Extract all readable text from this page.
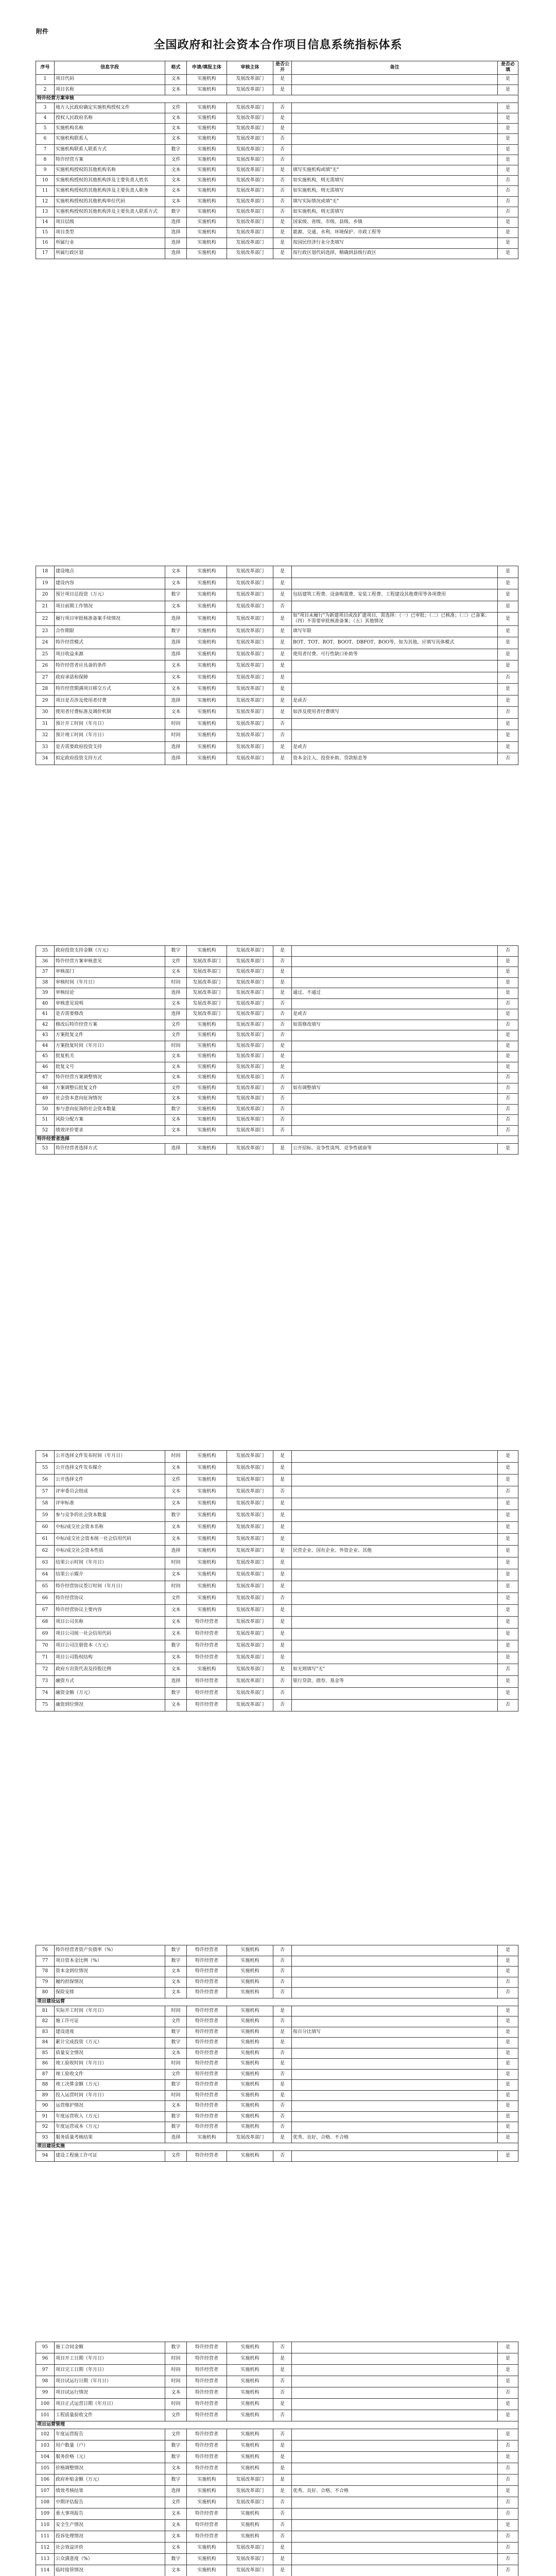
附件
全国政府和社会资本合作项目信息系统指标体系
序号	信息字段	格式	申请/填报主体	审核主体	是否公开	备注	是否必填
1	项目代码	文本	实施机构	发展改革部门	是		是
2	项目名称	文本	实施机构	发展改革部门	是		是
特许经营方案审核							
3	地方人民政府确定实施机构授权文件	文件	实施机构	发展改革部门	否		是
4	授权人民政府名称	文本	实施机构	发展改革部门	是		是
5	实施机构名称	文本	实施机构	发展改革部门	是		是
6	实施机构联系人	文本	实施机构	发展改革部门	否		是
7	实施机构联系人联系方式	数字	实施机构	发展改革部门	否		是
8	特许经营方案	文件	实施机构	发展改革部门	否		是
9	实施机构授权的其他机构名称	文本	实施机构	发展改革部门	是	填写实施机构或填"无"	是
10	实施机构授权的其他机构涉及主要负责人姓名	文本	实施机构	发展改革部门	否	如实施机构，则无需填写	否
11	实施机构授权的其他机构涉及主要负责人职务	文本	实施机构	发展改革部门	否	如实施机构，则无需填写	否
12	实施机构授权的其他机构单位代码	文本	实施机构	发展改革部门	否	填写实际情况或填"无"	否
13	实施机构授权的其他机构涉及主要负责人联系方式	数字	实施机构	发展改革部门	否	如实施机构，则无需填写	否
14	项目层级	选择	实施机构	发展改革部门	是	国家级、省级、市级、县级、乡镇	是
15	项目类型	选择	实施机构	发展改革部门	是	能源、交通、水利、环境保护、市政工程等	是
16	所属行业	选择	实施机构	发展改革部门	是	按国民经济行业分类填写	是
17	所属行政区划	选择	实施机构	发展改革部门	是	按行政区划代码选择，精确到县级行政区	是
18	建设地点	文本	实施机构	发展改革部门	是		是
19	建设内容	文本	实施机构	发展改革部门	是		是
20	预计项目总投资（万元）	数字	实施机构	发展改革部门	是	包括建筑工程费、设备购置费、安装工程费、工程建设其他费用等各项费用	是
21	项目前期工作情况	文本	实施机构	发展改革部门	否		是
22	履行项目审批核准备案手续情况	选择	实施机构	发展改革部门	是	如"项目未履行"为新建项目或改扩建项目，需选择：（一）已审批；（二）已核准；（三）已备案；（四）不需要审批核准备案；（五）其他情况	是
23	合作期限	数字	实施机构	发展改革部门	是	填写年限	是
24	特许经营模式	选择	实施机构	发展改革部门	是	BOT、TOT、ROT、BOOT、DBFOT、BOO等，如为其他，应填写具体模式	是
25	项目收益来源	选择	实施机构	发展改革部门	是	使用者付费、可行性缺口补助等	是
26	特许经营者应具备的条件	文本	实施机构	发展改革部门	是		是
27	政府承诺和保障	文本	实施机构	发展改革部门	是		否
28	特许经营期满项目移交方式	文本	实施机构	发展改革部门	是		是
29	项目是否涉及使用者付费	选择	实施机构	发展改革部门	是	是或否	是
30	使用者付费标准及调价机制	文本	实施机构	发展改革部门	是	如涉及使用者付费填写	否
31	预计开工时间（年月日）	时间	实施机构	发展改革部门	否		是
32	预计竣工时间（年月日）	时间	实施机构	发展改革部门	否		是
33	是否需要政府投资支持	选择	实施机构	发展改革部门	是	是或否	是
34	拟定政府投资支持方式	选择	实施机构	发展改革部门	是	资本金注入、投资补助、贷款贴息等	否
35	政府投资支持金额（万元）	数字	实施机构	发展改革部门	是		否
36	特许经营方案审核意见	文件	发展改革部门	发展改革部门	否		是
37	审核部门	文本	发展改革部门	发展改革部门	是		是
38	审核时间（年月日）	时间	发展改革部门	发展改革部门	是		是
39	审核结论	选择	发展改革部门	发展改革部门	是	通过、不通过	是
40	审核意见说明	文本	发展改革部门	发展改革部门	否		否
41	是否需要修改	选择	发展改革部门	发展改革部门	否	是或否	是
42	修改后特许经营方案	文件	实施机构	发展改革部门	否	如需修改填写	否
43	方案批复文件	文件	实施机构	发展改革部门	否		是
44	方案批复时间（年月日）	时间	实施机构	发展改革部门	是		是
45	批复机关	文本	实施机构	发展改革部门	是		是
46	批复文号	文本	实施机构	发展改革部门	是		是
47	特许经营方案调整情况	文本	实施机构	发展改革部门	否		否
48	方案调整后批复文件	文件	实施机构	发展改革部门	否	如有调整填写	否
49	社会资本意向征询情况	文本	实施机构	发展改革部门	否		否
50	参与意向征询的社会资本数量	数字	实施机构	发展改革部门	否		否
51	风险分配方案	文本	实施机构	发展改革部门	否		否
52	绩效评价要求	文本	实施机构	发展改革部门	否		否
特许经营者选择							
53	特许经营者选择方式	选择	实施机构	发展改革部门	是	公开招标、竞争性谈判、竞争性磋商等	是
54	公开选择文件发布时间（年月日）	时间	实施机构	发展改革部门	是		是
55	公开选择文件发布媒介	文本	实施机构	发展改革部门	是		是
56	公开选择文件	文件	实施机构	发展改革部门	是		是
57	评审委员会组成	文本	实施机构	发展改革部门	否		否
58	评审标准	文本	实施机构	发展改革部门	是		是
59	参与竞争的社会资本数量	数字	实施机构	发展改革部门	是		是
60	中标/成交社会资本名称	文本	实施机构	发展改革部门	是		是
61	中标/成交社会资本统一社会信用代码	文本	实施机构	发展改革部门	是		是
62	中标/成交社会资本性质	选择	实施机构	发展改革部门	是	民营企业、国有企业、外资企业、其他	是
63	结果公示时间（年月日）	时间	实施机构	发展改革部门	是		是
64	结果公示媒介	文本	实施机构	发展改革部门	是		是
65	特许经营协议签订时间（年月日）	时间	实施机构	发展改革部门	是		是
66	特许经营协议	文件	实施机构	发展改革部门	否		是
67	特许经营协议主要内容	文本	实施机构	发展改革部门	是		是
68	项目公司名称	文本	特许经营者	发展改革部门	是		是
69	项目公司统一社会信用代码	文本	特许经营者	发展改革部门	是		是
70	项目公司注册资本（万元）	数字	特许经营者	发展改革部门	是		是
71	项目公司股权结构	文本	特许经营者	发展改革部门	是		是
72	政府方出资代表及持股比例	文本	实施机构	发展改革部门	是	如无则填写"无"	否
73	融资方式	选择	特许经营者	发展改革部门	否	银行贷款、债券、基金等	是
74	融资金额（万元）	数字	特许经营者	发展改革部门	否		是
75	融资到位情况	文本	特许经营者	发展改革部门	否		否
76	特许经营者资产负债率（%）	数字	特许经营者	实施机构	否		是
77	项目资本金比例（%）	数字	特许经营者	实施机构	否		是
78	资本金到位情况	文本	特许经营者	实施机构	否		是
79	履约担保情况	文本	特许经营者	实施机构	否		否
80	保险安排	文本	特许经营者	实施机构	否		否
项目建设运营							
81	实际开工时间（年月日）	时间	特许经营者	实施机构	是		是
82	施工许可证	文件	特许经营者	实施机构	否		是
83	建设进度	数字	特许经营者	实施机构	是	按百分比填写	是
84	累计完成投资（万元）	数字	特许经营者	实施机构	是		是
85	质量安全情况	文本	特许经营者	实施机构	否		是
86	竣工验收时间（年月日）	时间	特许经营者	实施机构	是		是
87	竣工验收文件	文件	特许经营者	实施机构	否		是
88	竣工决算金额（万元）	数字	特许经营者	实施机构	是		是
89	投入运营时间（年月日）	时间	特许经营者	实施机构	是		是
90	运营维护情况	文本	特许经营者	实施机构	否		是
91	年度运营收入（万元）	数字	特许经营者	实施机构	否		是
92	年度运营成本（万元）	数字	特许经营者	实施机构	否		是
93	服务质量考核结果	选择	实施机构	发展改革部门	是	优秀、良好、合格、不合格	是
项目建设实施							
94	建设工程施工许可证	文件	特许经营者	实施机构	否		是
95	施工合同金额	数字	特许经营者	实施机构	否		是
96	项目开工日期（年月日）	时间	特许经营者	实施机构	是		是
97	项目完工日期（年月日）	时间	特许经营者	实施机构	是		是
98	项目试运行日期（年月日）	时间	特许经营者	实施机构	否		是
99	项目试运行情况	文本	特许经营者	实施机构	否		否
100	项目正式运营日期（年月日）	时间	特许经营者	实施机构	是		是
101	工程质量验收文件	文件	特许经营者	实施机构	否		是
项目运营管理							
102	年度运营报告	文件	特许经营者	实施机构	否		是
103	用户数量（户）	数字	特许经营者	实施机构	是		否
104	服务价格（元）	数字	特许经营者	实施机构	是		是
105	价格调整情况	文本	特许经营者	实施机构	是		否
106	政府补贴金额（万元）	数字	实施机构	发展改革部门	是		否
107	绩效考核结果	选择	实施机构	发展改革部门	是	优秀、良好、合格、不合格	是
108	中期评估报告	文件	实施机构	发展改革部门	否		否
109	重大事项报告	文本	特许经营者	实施机构	否		否
110	安全生产情况	文本	特许经营者	实施机构	否		是
111	投诉处理情况	文本	特许经营者	实施机构	否		否
112	社会效益评价	文本	实施机构	发展改革部门	是		否
113	公众满意度（%）	数字	实施机构	发展改革部门	是		否
114	临时接管情况	文本	实施机构	发展改革部门	是		否
